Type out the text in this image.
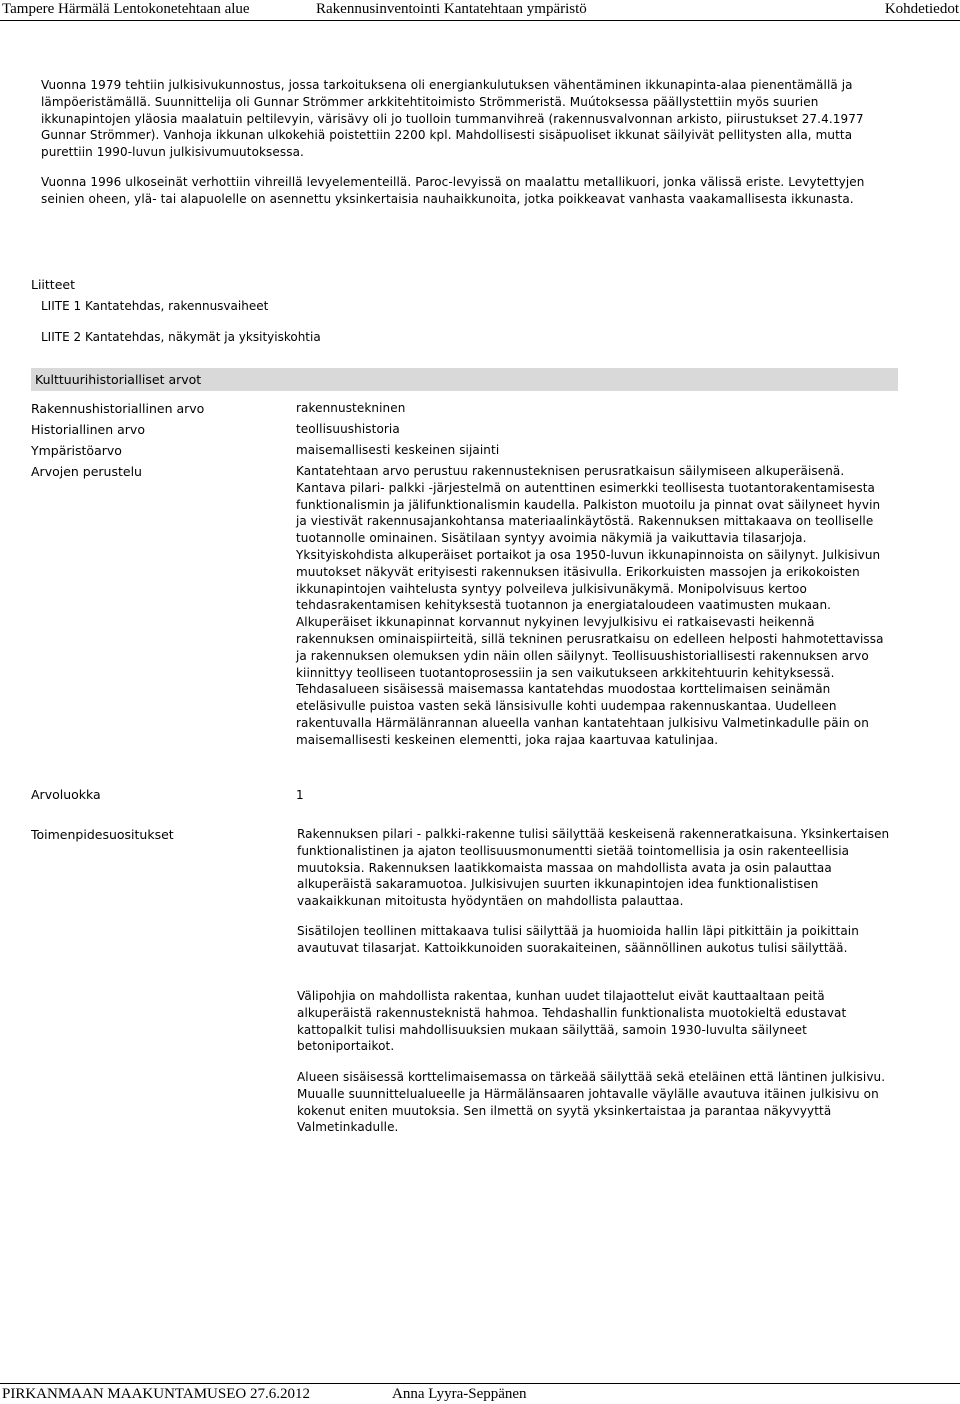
Tampere Härmälä Lentokonetehtaan alue	Rakennusinventointi Kantatehtaan ympäristö	Kohdetiedot

Vuonna 1979 tehtiin julkisivukunnostus, jossa tarkoituksena oli energiankulutuksen vähentäminen ikkunapinta-alaa pienentämällä ja lämpöeristämällä. Suunnittelija oli Gunnar Strömmer arkkitehtitoimisto Strömmeristä. Muútoksessa päällystettiin myös suurien ikkunapintojen yläosia maalatuin peltilevyin, värisävy oli jo tuolloin tummanvihreä (rakennusvalvonnan arkisto, piirustukset 27.4.1977 Gunnar Strömmer). Vanhoja ikkunan ulkokehiä poistettiin 2200 kpl. Mahdollisesti sisäpuoliset ikkunat säilyivät pellitysten alla, mutta purettiin 1990-luvun julkisivumuutoksessa.

Vuonna 1996 ulkoseinät verhottiin vihreillä levyelementeillä. Paroc-levyissä on maalattu metallikuori, jonka välissä eriste. Levytettyjen seinien oheen, ylä- tai alapuolelle on asennettu yksinkertaisia nauhaikkunoita, jotka poikkeavat vanhasta vaakamallisesta ikkunasta.

Liitteet

LIITE 1 Kantatehdas, rakennusvaiheet

LIITE 2 Kantatehdas, näkymät ja yksityiskohtia

Kulttuurihistorialliset arvot
Rakennushistoriallinen arvo	rakennustekninen
Historiallinen arvo	teollisuushistoria
Ympäristöarvo	maisemallisesti keskeinen sijainti
Arvojen perustelu	Kantatehtaan arvo perustuu rakennusteknisen perusratkaisun säilymiseen alkuperäisenä. Kantava pilari- palkki -järjestelmä on autenttinen esimerkki teollisesta tuotantorakentamisesta funktionalismin ja jälifunktionalismin kaudella. Palkiston muotoilu ja pinnat ovat säilyneet hyvin ja viestivät rakennusajankohtansa materiaalinkäytöstä. Rakennuksen mittakaava on teolliselle tuotannolle ominainen. Sisätilaan syntyy avoimia näkymiä ja vaikuttavia tilasarjoja. Yksityiskohdista alkuperäiset portaikot ja osa 1950-luvun ikkunapinnoista on säilynyt. Julkisivun muutokset näkyvät erityisesti rakennuksen itäsivulla. Erikorkuisten massojen ja erikokoisten ikkunapintojen vaihtelusta syntyy polveileva julkisivunäkymä. Monipolvisuus kertoo tehdasrakentamisen kehityksestä tuotannon ja energiataloudeen vaatimusten mukaan. Alkuperäiset ikkunapinnat korvannut nykyinen levyjulkisivu ei ratkaisevasti heikennä rakennuksen ominaispiirteitä, sillä tekninen perusratkaisu on edelleen helposti hahmotettavissa ja rakennuksen olemuksen ydin näin ollen säilynyt. Teollisuushistoriallisesti rakennuksen arvo kiinnittyy teolliseen tuotantoprosessiin ja sen vaikutukseen arkkitehtuurin kehityksessä. Tehdasalueen sisäisessä maisemassa kantatehdas muodostaa korttelimaisen seinämän eteläsivulle puistoa vasten sekä länsisivulle kohti uudempaa rakennuskantaa. Uudelleen rakentuvalla Härmälänrannan alueella vanhan kantatehtaan julkisivu Valmetinkadulle päin on maisemallisesti keskeinen elementti, joka rajaa kaartuvaa katulinjaa.

Arvoluokka	1
Toimenpidesuositukset	Rakennuksen pilari - palkki-rakenne tulisi säilyttää keskeisenä rakenneratkaisuna. Yksinkertaisen funktionalistinen ja ajaton teollisuusmonumentti sietää tointomellisia ja osin rakenteellisia muutoksia. Rakennuksen laatikkomaista massaa on mahdollista avata ja osin palauttaa alkuperäistä sakaramuotoa. Julkisivujen suurten ikkunapintojen idea funktionalistisen vaakaikkunan mitoitusta hyödyntäen on mahdollista palauttaa.

Sisätilojen teollinen mittakaava tulisi säilyttää ja huomioida hallin läpi pitkittäin ja poikittain avautuvat tilasarjat. Kattoikkunoiden suorakaiteinen, säännöllinen aukotus tulisi säilyttää.

Välipohjia on mahdollista rakentaa, kunhan uudet tilajaottelut eivät kauttaaltaan peitä alkuperäistä rakennusteknistä hahmoa. Tehdashallin funktionalista muotokieltä edustavat kattopalkit tulisi mahdollisuuksien mukaan säilyttää, samoin 1930-luvulta säilyneet betoniportaikot.

Alueen sisäisessä korttelimaisemassa on tärkeää säilyttää sekä eteläinen että läntinen julkisivu. Muualle suunnittelualueelle ja Härmälänsaaren johtavalle väylälle avautuva itäinen julkisivu on kokenut eniten muutoksia. Sen ilmettä on syytä yksinkertaistaa ja parantaa näkyvyyttä Valmetinkadulle.

PIRKANMAAN MAAKUNTAMUSEO 27.6.2012	Anna Lyyra-Seppänen
